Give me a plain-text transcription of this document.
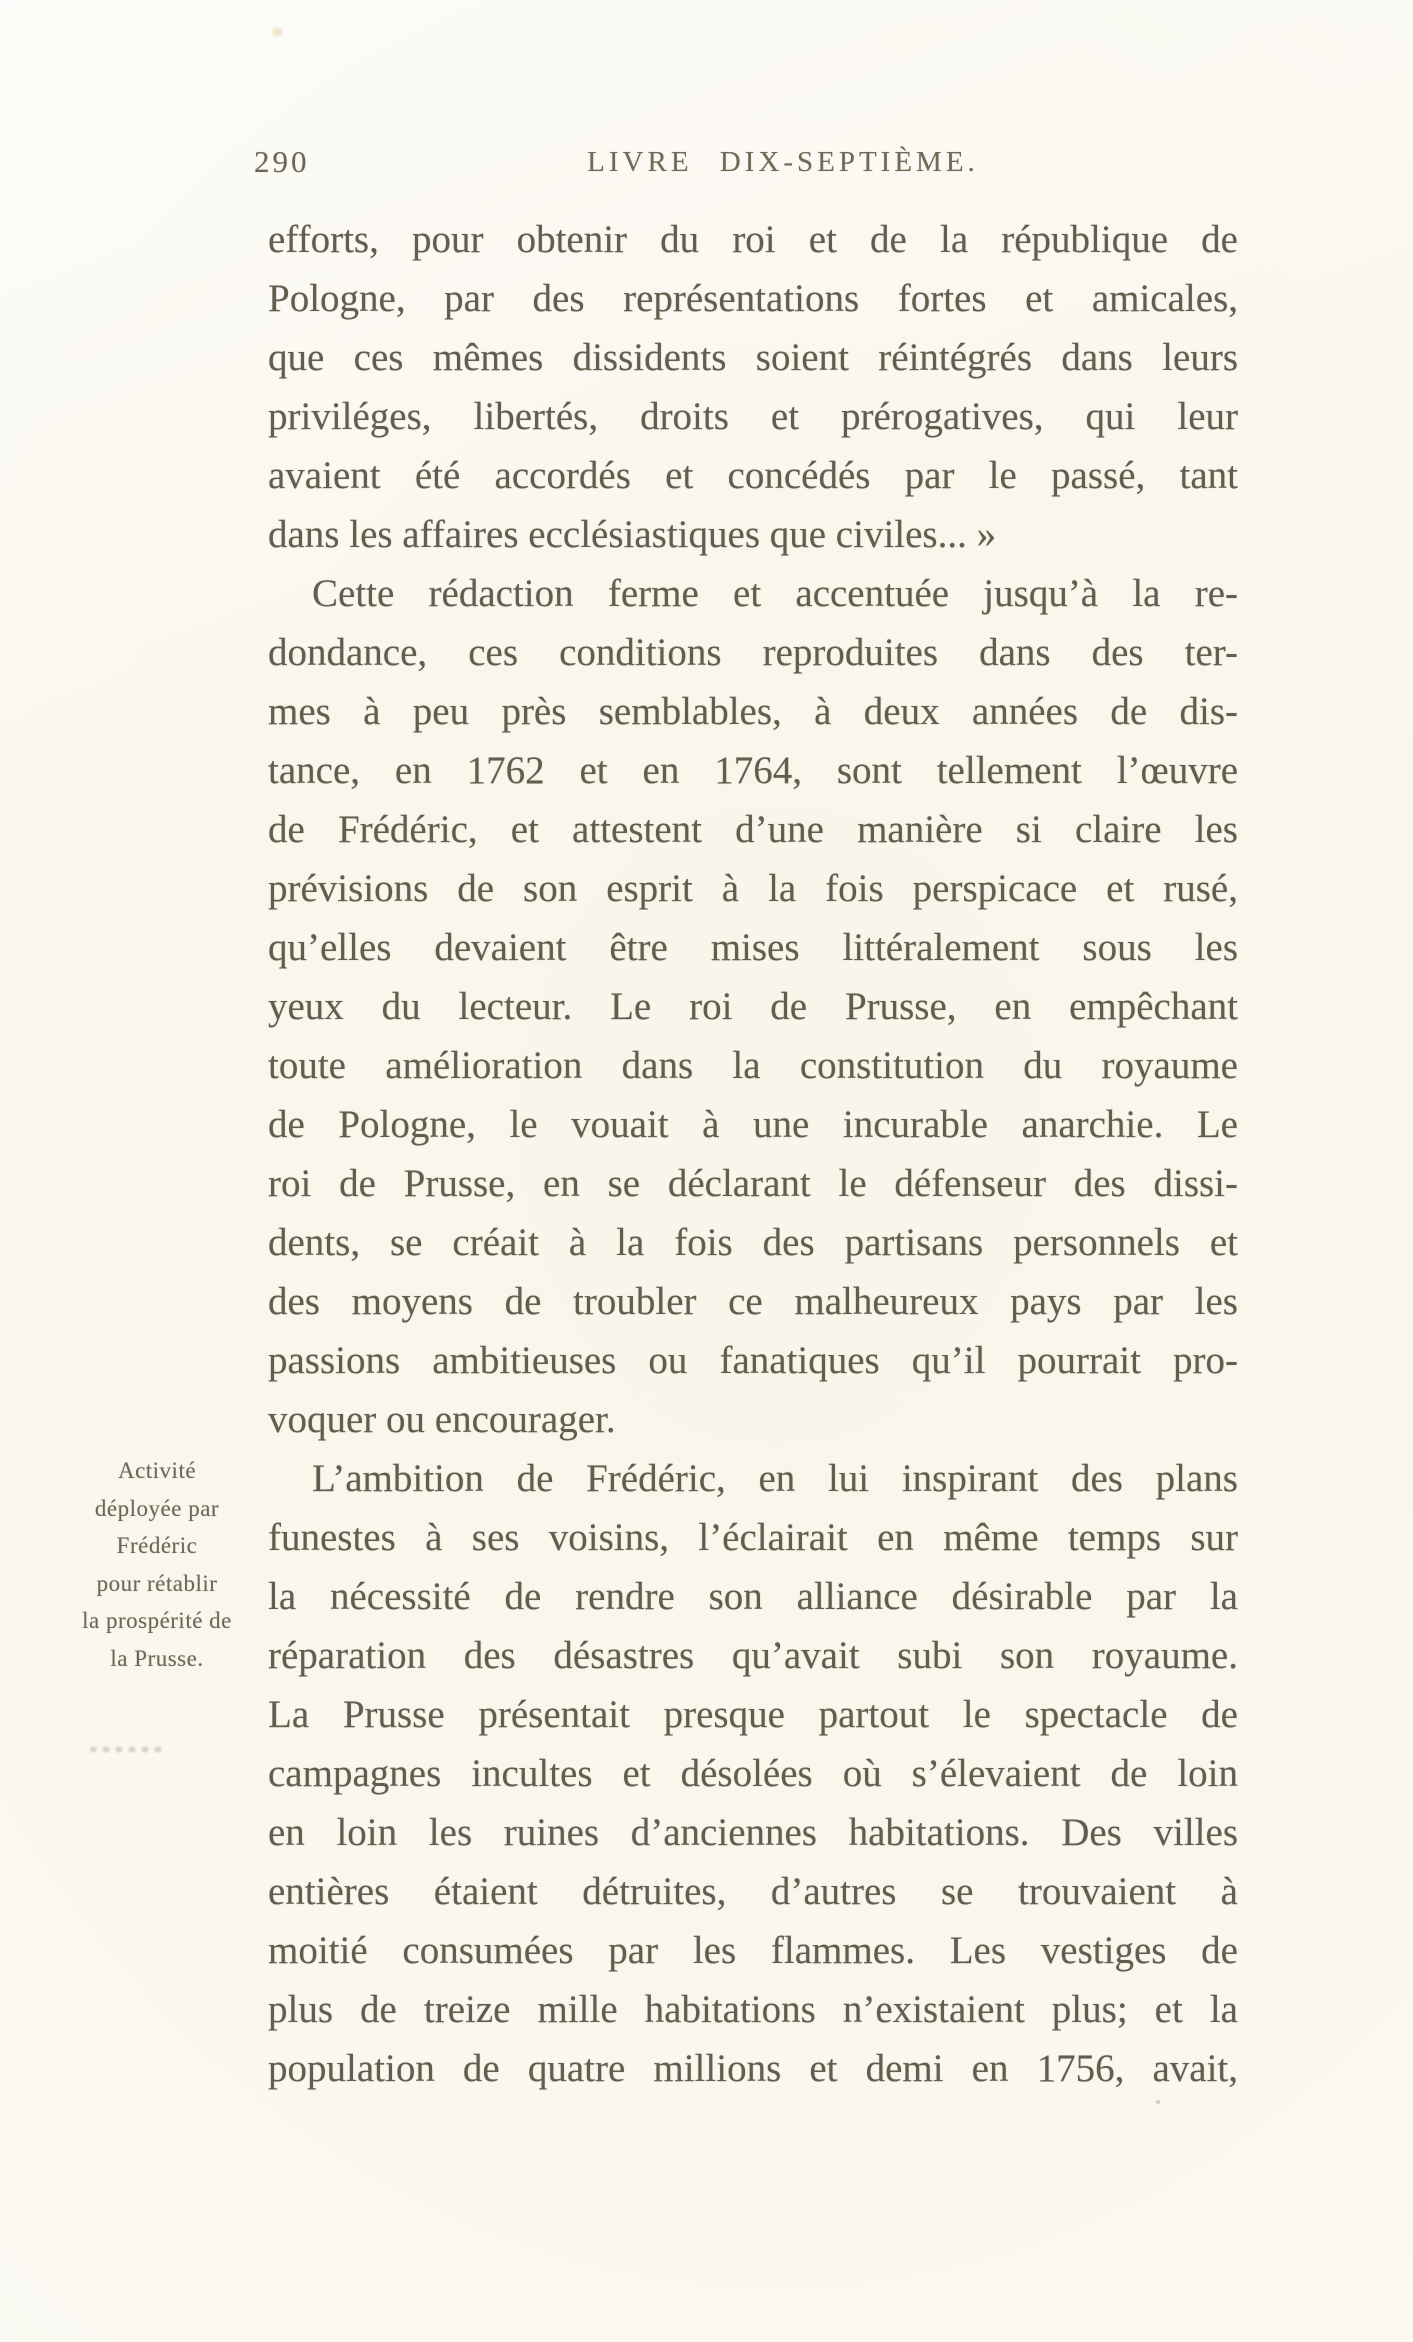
290	LIVRE DIX-SEPTIÈME.
Activité
déployée par
Frédéric
pour rétablir
la prospérité de
la Prusse.
efforts, pour obtenir du roi et de la république de
Pologne, par des représentations fortes et amicales,
que ces mêmes dissidents soient réintégrés dans leurs
priviléges, libertés, droits et prérogatives, qui leur
avaient été accordés et concédés par le passé, tant
dans les affaires ecclésiastiques que civiles... »
Cette rédaction ferme et accentuée jusqu’à la re-
dondance, ces conditions reproduites dans des ter-
mes à peu près semblables, à deux années de dis-
tance, en 1762 et en 1764, sont tellement l’œuvre
de Frédéric, et attestent d’une manière si claire les
prévisions de son esprit à la fois perspicace et rusé,
qu’elles devaient être mises littéralement sous les
yeux du lecteur. Le roi de Prusse, en empêchant
toute amélioration dans la constitution du royaume
de Pologne, le vouait à une incurable anarchie. Le
roi de Prusse, en se déclarant le défenseur des dissi-
dents, se créait à la fois des partisans personnels et
des moyens de troubler ce malheureux pays par les
passions ambitieuses ou fanatiques qu’il pourrait pro-
voquer ou encourager.
L’ambition de Frédéric, en lui inspirant des plans
funestes à ses voisins, l’éclairait en même temps sur
la nécessité de rendre son alliance désirable par la
réparation des désastres qu’avait subi son royaume.
La Prusse présentait presque partout le spectacle de
campagnes incultes et désolées où s’élevaient de loin
en loin les ruines d’anciennes habitations. Des villes
entières étaient détruites, d’autres se trouvaient à
moitié consumées par les flammes. Les vestiges de
plus de treize mille habitations n’existaient plus; et la
population de quatre millions et demi en 1756, avait,
